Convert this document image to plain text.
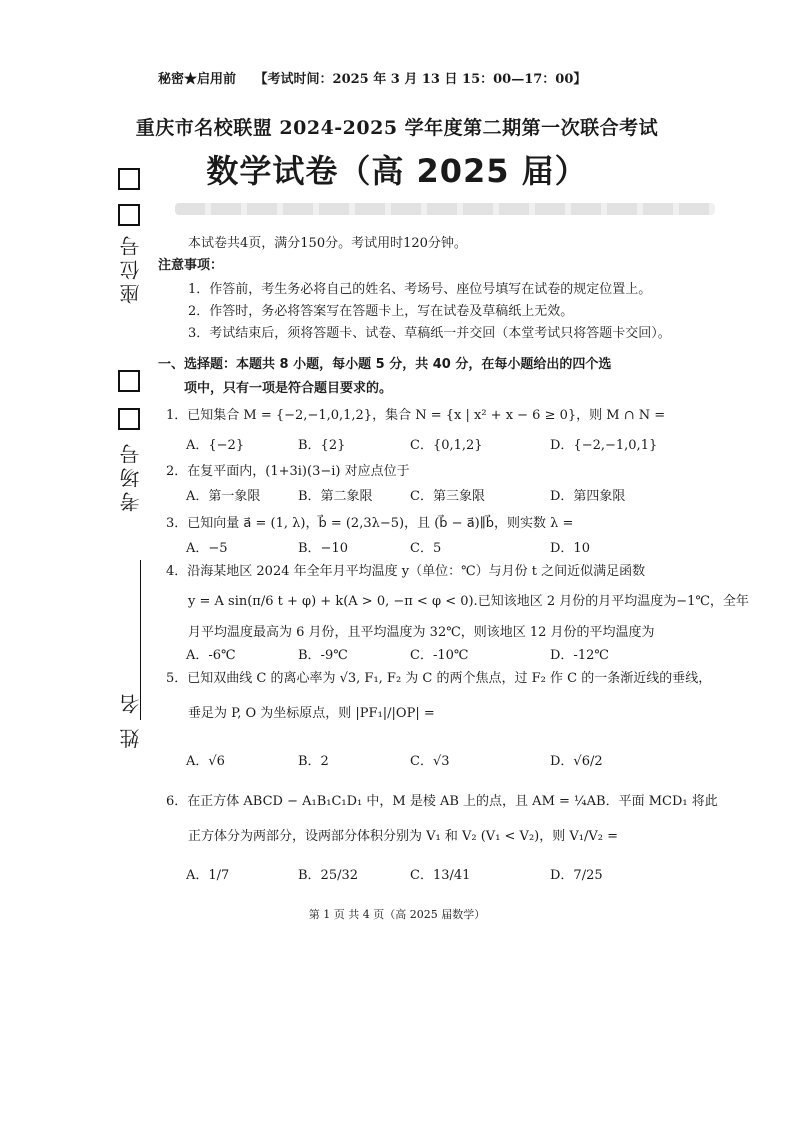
秘密★启用前 【考试时间：2025 年 3 月 13 日 15：00—17：00】
重庆市名校联盟 2024-2025 学年度第二期第一次联合考试
数学试卷（高 2025 届）
座位号
考场号
姓 名

本试卷共4页，满分150分。考试用时120分钟。

注意事项：

1．作答前，考生务必将自己的姓名、考场号、座位号填写在试卷的规定位置上。

2．作答时，务必将答案写在答题卡上，写在试卷及草稿纸上无效。

3．考试结束后，须将答题卡、试卷、草稿纸一并交回（本堂考试只将答题卡交回）。

一、选择题：本题共 8 小题，每小题 5 分，共 40 分，在每小题给出的四个选

项中，只有一项是符合题目要求的。

1．已知集合 M = {−2,−1,0,1,2}，集合 N = {x | x² + x − 6 ≥ 0}，则 M ∩ N =

A．{−2}	B．{2}	C．{0,1,2}	D．{−2,−1,0,1}

2．在复平面内，(1+3i)(3−i) 对应点位于

A．第一象限	B．第二象限	C．第三象限	D．第四象限

3．已知向量 a⃗ = (1, λ)，b⃗ = (2,3λ−5)，且 (b⃗ − a⃗)∥b⃗，则实数 λ =

A．−5	B．−10	C．5	D．10

4．沿海某地区 2024 年全年月平均温度 y（单位：℃）与月份 t 之间近似满足函数

y = A sin(π/6 t + φ) + k(A > 0, −π < φ < 0).已知该地区 2 月份的月平均温度为−1℃，全年

月平均温度最高为 6 月份，且平均温度为 32℃，则该地区 12 月份的平均温度为

A．-6℃	B．-9℃	C．-10℃	D．-12℃

5．已知双曲线 C 的离心率为 √3, F₁, F₂ 为 C 的两个焦点，过 F₂ 作 C 的一条渐近线的垂线，

垂足为 P, O 为坐标原点，则 |PF₁|/|OP| =

A．√6	B．2	C．√3	D．√6/2

6．在正方体 ABCD − A₁B₁C₁D₁ 中，M 是棱 AB 上的点，且 AM = ¼AB．平面 MCD₁ 将此

正方体分为两部分，设两部分体积分别为 V₁ 和 V₂ (V₁ < V₂)，则 V₁/V₂ =

A．1/7	B．25/32	C．13/41	D．7/25
第 1 页 共 4 页（高 2025 届数学）
